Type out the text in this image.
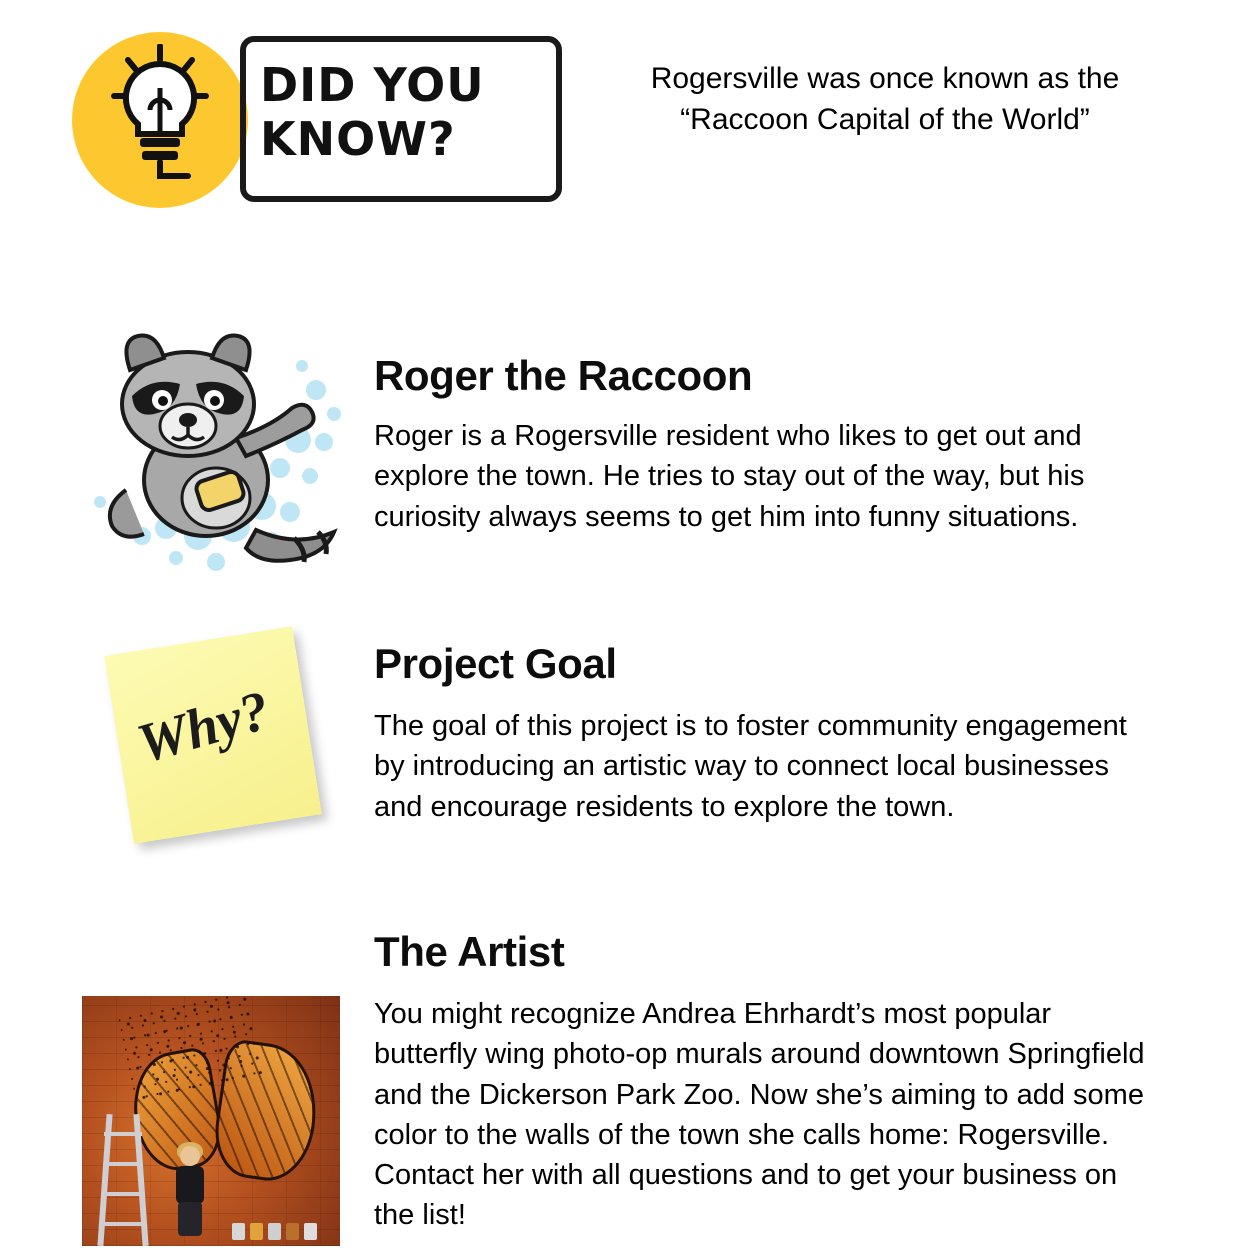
DID YOU
KNOW?
Rogersville was once known as the “Raccoon Capital of the World”
Roger the Raccoon
Roger is a Rogersville resident who likes to get out and explore the town. He tries to stay out of the way, but his curiosity always seems to get him into funny situations.
Why?
Project Goal
The goal of this project is to foster community engagement by introducing an artistic way to connect local businesses and encourage residents to explore the town.
The Artist
You might recognize Andrea Ehrhardt’s most popular butterfly wing photo-op murals around downtown Springfield and the Dickerson Park Zoo. Now she’s aiming to add some color to the walls of the town she calls home: Rogersville. Contact her with all questions and to get your business on the list!
